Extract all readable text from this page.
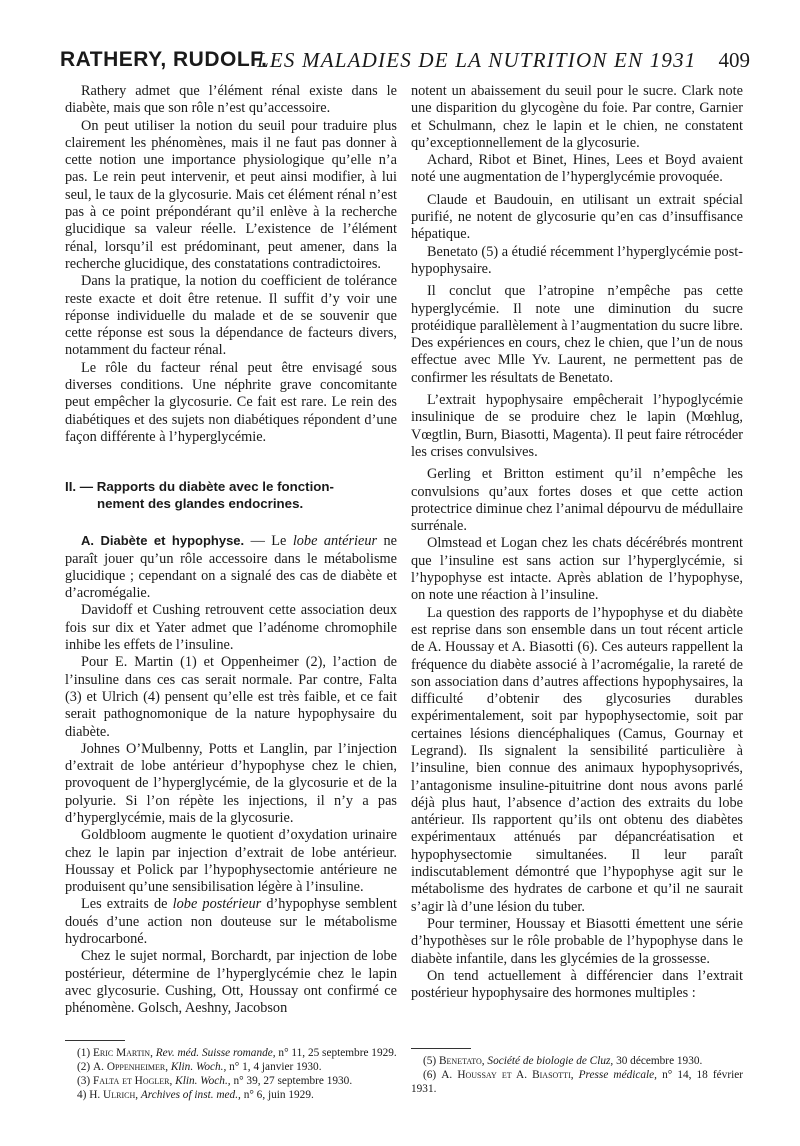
RATHERY, RUDOLF.
LES MALADIES DE LA NUTRITION EN 1931 409

Rathery admet que l’élément rénal existe dans le diabète, mais que son rôle n’est qu’accessoire.

On peut utiliser la notion du seuil pour traduire plus clairement les phénomènes, mais il ne faut pas donner à cette notion une importance physiologique qu’elle n’a pas. Le rein peut intervenir, et peut ainsi modifier, à lui seul, le taux de la glycosurie. Mais cet élément rénal n’est pas à ce point prépondérant qu’il enlève à la recherche glucidique sa valeur réelle. L’existence de l’élément rénal, lorsqu’il est prédominant, peut amener, dans la recherche glucidique, des constatations contradictoires.

Dans la pratique, la notion du coefficient de tolérance reste exacte et doit être retenue. Il suffit d’y voir une réponse individuelle du malade et de se souvenir que cette réponse est sous la dépendance de facteurs divers, notamment du facteur rénal.

Le rôle du facteur rénal peut être envisagé sous diverses conditions. Une néphrite grave concomitante peut empêcher la glycosurie. Ce fait est rare. Le rein des diabétiques et des sujets non diabétiques répondent d’une façon différente à l’hyperglycémie.

II. — Rapports du diabète avec le fonction-
nement des glandes endocrines.

A. Diabète et hypophyse. — Le lobe antérieur ne paraît jouer qu’un rôle accessoire dans le métabolisme glucidique ; cependant on a signalé des cas de diabète et d’acromégalie.

Davidoff et Cushing retrouvent cette association deux fois sur dix et Yater admet que l’adénome chromophile inhibe les effets de l’insuline.

Pour E. Martin (1) et Oppenheimer (2), l’action de l’insuline dans ces cas serait normale. Par contre, Falta (3) et Ulrich (4) pensent qu’elle est très faible, et ce fait serait pathognomonique de la nature hypophysaire du diabète.

Johnes O’Mulbenny, Potts et Langlin, par l’injection d’extrait de lobe antérieur d’hypophyse chez le chien, provoquent de l’hyperglycémie, de la glycosurie et de la polyurie. Si l’on répète les injections, il n’y a pas d’hyperglycémie, mais de la glycosurie.

Goldbloom augmente le quotient d’oxydation urinaire chez le lapin par injection d’extrait de lobe antérieur. Houssay et Polick par l’hypophysectomie antérieure ne produisent qu’une sensibilisation légère à l’insuline.

Les extraits de lobe postérieur d’hypophyse semblent doués d’une action non douteuse sur le métabolisme hydrocarboné.

Chez le sujet normal, Borchardt, par injection de lobe postérieur, détermine de l’hyperglycémie chez le lapin avec glycosurie. Cushing, Ott, Houssay ont confirmé ce phénomène. Golsch, Aeshny, Jacobson

(1) Eric Martin, Rev. méd. Suisse romande, n° 11, 25 septembre 1929.

(2) A. Oppenheimer, Klin. Woch., n° 1, 4 janvier 1930.

(3) Falta et Hogler, Klin. Woch., n° 39, 27 septembre 1930.

4) H. Ulrich, Archives of inst. med., n° 6, juin 1929.

notent un abaissement du seuil pour le sucre. Clark note une disparition du glycogène du foie. Par contre, Garnier et Schulmann, chez le lapin et le chien, ne constatent qu’exceptionnellement de la glycosurie.

Achard, Ribot et Binet, Hines, Lees et Boyd avaient noté une augmentation de l’hyperglycémie provoquée.

Claude et Baudouin, en utilisant un extrait spécial purifié, ne notent de glycosurie qu’en cas d’insuffisance hépatique.

Benetato (5) a étudié récemment l’hyperglycémie post-hypophysaire.

Il conclut que l’atropine n’empêche pas cette hyperglycémie. Il note une diminution du sucre protéidique parallèlement à l’augmentation du sucre libre. Des expériences en cours, chez le chien, que l’un de nous effectue avec Mlle Yv. Laurent, ne permettent pas de confirmer les résultats de Benetato.

L’extrait hypophysaire empêcherait l’hypoglycémie insulinique de se produire chez le lapin (Mœhlug, Vœgtlin, Burn, Biasotti, Magenta). Il peut faire rétrocéder les crises convulsives.

Gerling et Britton estiment qu’il n’empêche les convulsions qu’aux fortes doses et que cette action protectrice diminue chez l’animal dépourvu de médullaire surrénale.

Olmstead et Logan chez les chats décérébrés montrent que l’insuline est sans action sur l’hyperglycémie, si l’hypophyse est intacte. Après ablation de l’hypophyse, on note une réaction à l’insuline.

La question des rapports de l’hypophyse et du diabète est reprise dans son ensemble dans un tout récent article de A. Houssay et A. Biasotti (6). Ces auteurs rappellent la fréquence du diabète associé à l’acromégalie, la rareté de son association dans d’autres affections hypophysaires, la difficulté d’obtenir des glycosuries durables expérimentalement, soit par hypophysectomie, soit par certaines lésions diencéphaliques (Camus, Gournay et Legrand). Ils signalent la sensibilité particulière à l’insuline, bien connue des animaux hypophysoprivés, l’antagonisme insuline-pituitrine dont nous avons parlé déjà plus haut, l’absence d’action des extraits du lobe antérieur. Ils rapportent qu’ils ont obtenu des diabètes expérimentaux atténués par dépancréatisation et hypophysectomie simultanées. Il leur paraît indiscutablement démontré que l’hypophyse agit sur le métabolisme des hydrates de carbone et qu’il ne saurait s’agir là d’une lésion du tuber.

Pour terminer, Houssay et Biasotti émettent une série d’hypothèses sur le rôle probable de l’hypophyse dans le diabète infantile, dans les glycémies de la grossesse.

On tend actuellement à différencier dans l’extrait postérieur hypophysaire des hormones multiples :

(5) Benetato, Société de biologie de Cluz, 30 décembre 1930.

(6) A. Houssay et A. Biasotti, Presse médicale, n° 14, 18 février 1931.
